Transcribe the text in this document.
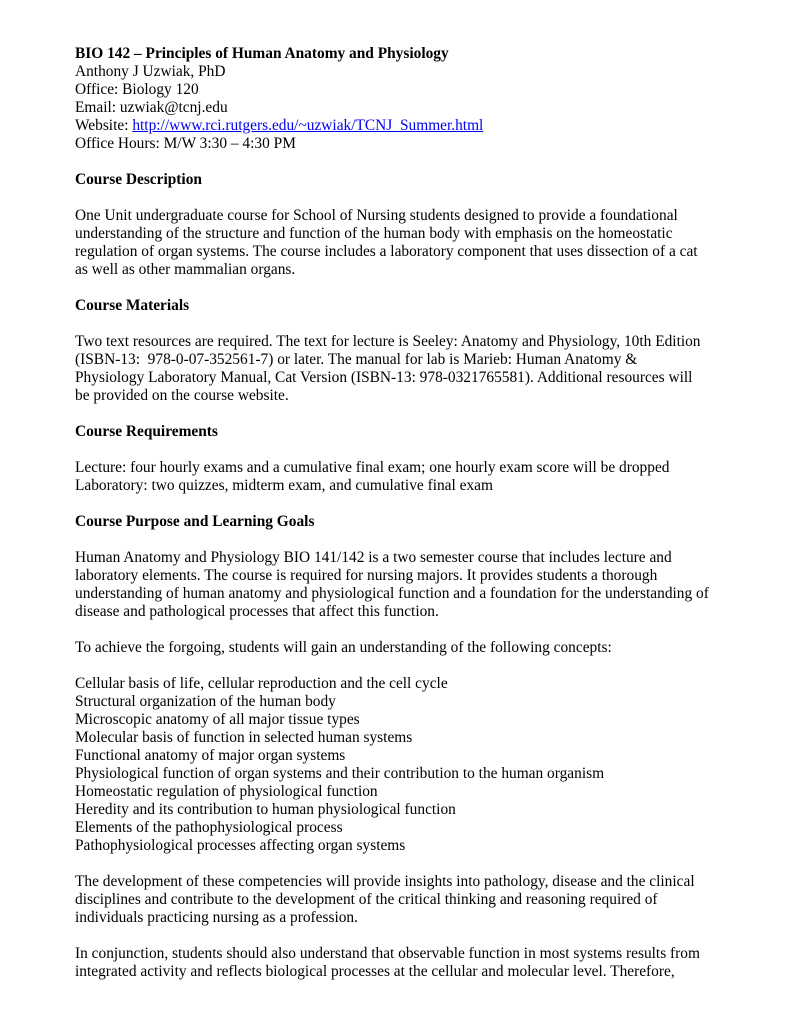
BIO 142 – Principles of Human Anatomy and Physiology
Anthony J Uzwiak, PhD
Office: Biology 120
Email: uzwiak@tcnj.edu
Website: http://www.rci.rutgers.edu/~uzwiak/TCNJ_Summer.html
Office Hours: M/W 3:30 – 4:30 PM
Course Description
One Unit undergraduate course for School of Nursing students designed to provide a foundational
understanding of the structure and function of the human body with emphasis on the homeostatic
regulation of organ systems. The course includes a laboratory component that uses dissection of a cat
as well as other mammalian organs.
Course Materials
Two text resources are required. The text for lecture is Seeley: Anatomy and Physiology, 10th Edition
(ISBN-13:  978-0-07-352561-7) or later. The manual for lab is Marieb: Human Anatomy &
Physiology Laboratory Manual, Cat Version (ISBN-13: 978-0321765581). Additional resources will
be provided on the course website.
Course Requirements
Lecture: four hourly exams and a cumulative final exam; one hourly exam score will be dropped
Laboratory: two quizzes, midterm exam, and cumulative final exam
Course Purpose and Learning Goals
Human Anatomy and Physiology BIO 141/142 is a two semester course that includes lecture and
laboratory elements. The course is required for nursing majors. It provides students a thorough
understanding of human anatomy and physiological function and a foundation for the understanding of
disease and pathological processes that affect this function.
To achieve the forgoing, students will gain an understanding of the following concepts:
Cellular basis of life, cellular reproduction and the cell cycle
Structural organization of the human body
Microscopic anatomy of all major tissue types
Molecular basis of function in selected human systems
Functional anatomy of major organ systems
Physiological function of organ systems and their contribution to the human organism
Homeostatic regulation of physiological function
Heredity and its contribution to human physiological function
Elements of the pathophysiological process
Pathophysiological processes affecting organ systems
The development of these competencies will provide insights into pathology, disease and the clinical
disciplines and contribute to the development of the critical thinking and reasoning required of
individuals practicing nursing as a profession.
In conjunction, students should also understand that observable function in most systems results from
integrated activity and reflects biological processes at the cellular and molecular level. Therefore,
